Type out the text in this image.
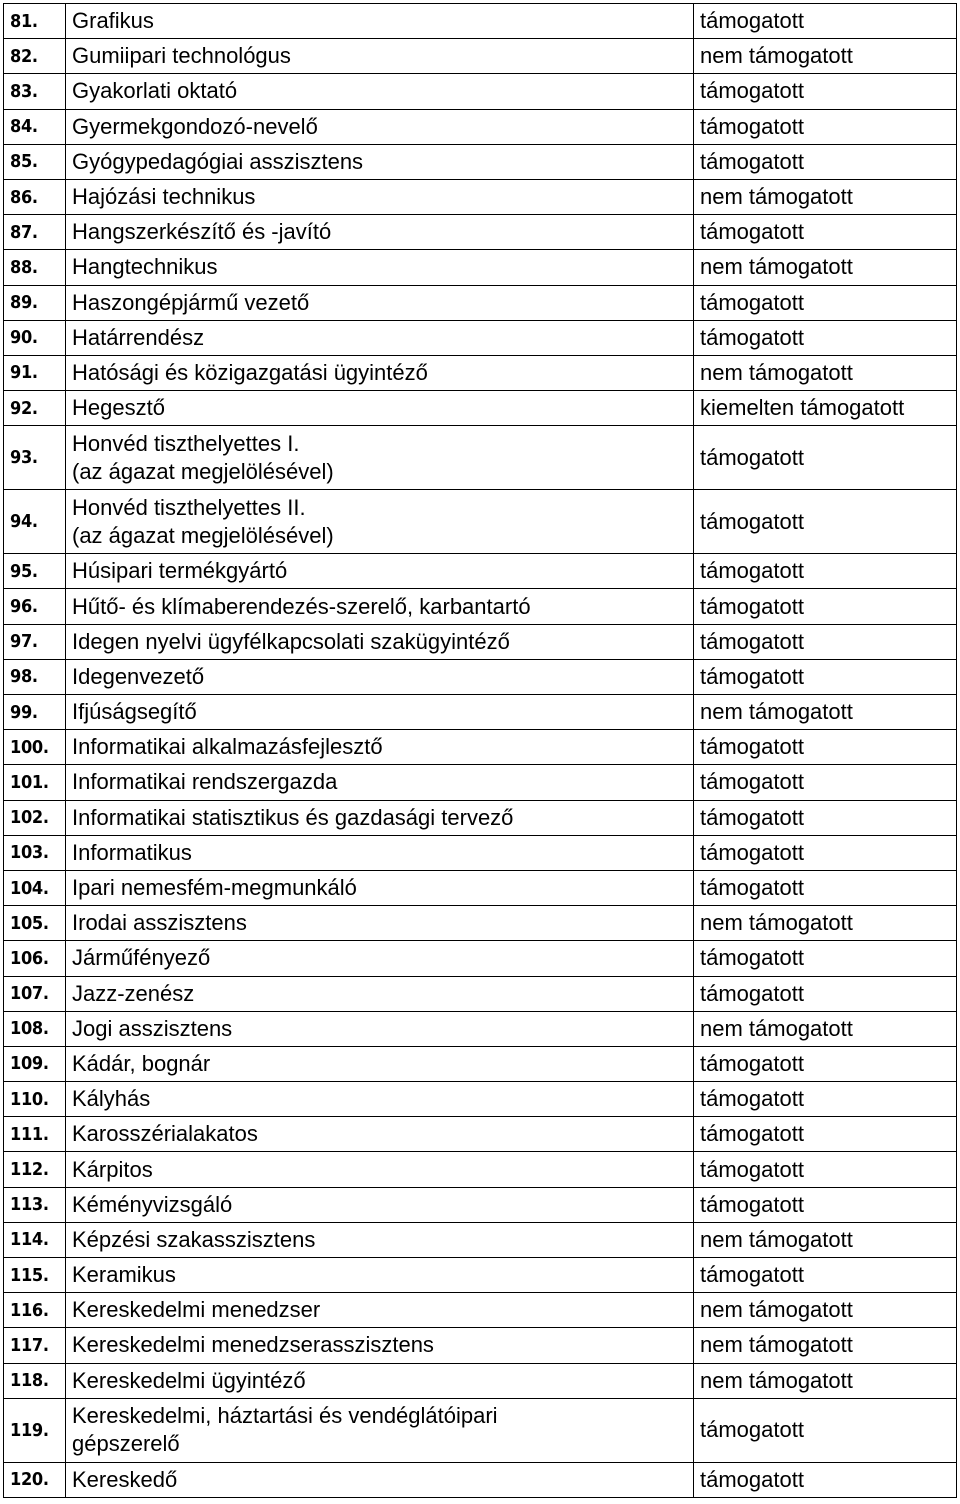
81.	Grafikus	támogatott
82.	Gumiipari technológus	nem támogatott
83.	Gyakorlati oktató	támogatott
84.	Gyermekgondozó-nevelő	támogatott
85.	Gyógypedagógiai asszisztens	támogatott
86.	Hajózási technikus	nem támogatott
87.	Hangszerkészítő és -javító	támogatott
88.	Hangtechnikus	nem támogatott
89.	Haszongépjármű vezető	támogatott
90.	Határrendész	támogatott
91.	Hatósági és közigazgatási ügyintéző	nem támogatott
92.	Hegesztő	kiemelten támogatott
93.	Honvéd tiszthelyettes I.
(az ágazat megjelölésével)	támogatott
94.	Honvéd tiszthelyettes II.
(az ágazat megjelölésével)	támogatott
95.	Húsipari termékgyártó	támogatott
96.	Hűtő- és klímaberendezés-szerelő, karbantartó	támogatott
97.	Idegen nyelvi ügyfélkapcsolati szakügyintéző	támogatott
98.	Idegenvezető	támogatott
99.	Ifjúságsegítő	nem támogatott
100.	Informatikai alkalmazásfejlesztő	támogatott
101.	Informatikai rendszergazda	támogatott
102.	Informatikai statisztikus és gazdasági tervező	támogatott
103.	Informatikus	támogatott
104.	Ipari nemesfém-megmunkáló	támogatott
105.	Irodai asszisztens	nem támogatott
106.	Járműfényező	támogatott
107.	Jazz-zenész	támogatott
108.	Jogi asszisztens	nem támogatott
109.	Kádár, bognár	támogatott
110.	Kályhás	támogatott
111.	Karosszérialakatos	támogatott
112.	Kárpitos	támogatott
113.	Kéményvizsgáló	támogatott
114.	Képzési szakasszisztens	nem támogatott
115.	Keramikus	támogatott
116.	Kereskedelmi menedzser	nem támogatott
117.	Kereskedelmi menedzserasszisztens	nem támogatott
118.	Kereskedelmi ügyintéző	nem támogatott
119.	Kereskedelmi, háztartási és vendéglátóipari
gépszerelő	támogatott
120.	Kereskedő	támogatott
